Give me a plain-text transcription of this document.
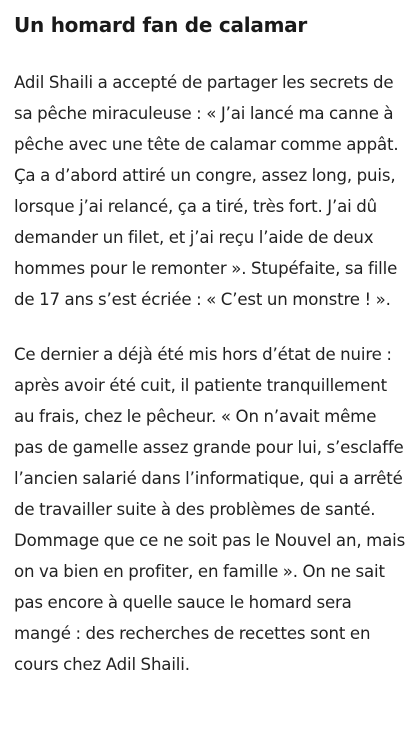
Un homard fan de calamar

Adil Shaili a accepté de partager les secrets de sa pêche miraculeuse : « J’ai lancé ma canne à pêche avec une tête de calamar comme appât. Ça a d’abord attiré un congre, assez long, puis, lorsque j’ai relancé, ça a tiré, très fort. J’ai dû demander un filet, et j’ai reçu l’aide de deux hommes pour le remonter ». Stupéfaite, sa fille de 17 ans s’est écriée : « C’est un monstre ! ».

Ce dernier a déjà été mis hors d’état de nuire : après avoir été cuit, il patiente tranquillement au frais, chez le pêcheur. « On n’avait même pas de gamelle assez grande pour lui, s’esclaffe l’ancien salarié dans l’informatique, qui a arrêté de travailler suite à des problèmes de santé. Dommage que ce ne soit pas le Nouvel an, mais on va bien en profiter, en famille ». On ne sait pas encore à quelle sauce le homard sera mangé : des recherches de recettes sont en cours chez Adil Shaili.
